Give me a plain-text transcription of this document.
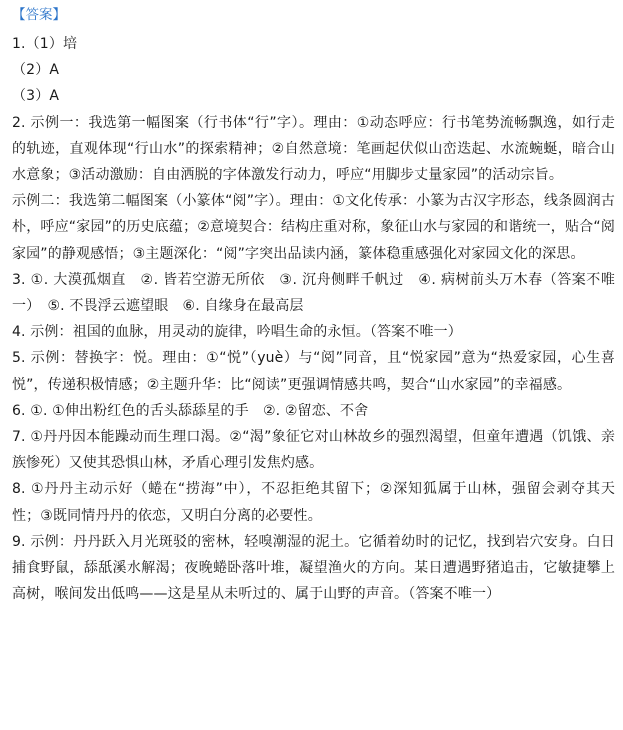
【答案】

1.（1）培

（2）A

（3）A

2. 示例一：我选第一幅图案（行书体“行”字）。理由：①动态呼应：行书笔势流畅飘逸，如行走的轨迹，直观体现“行山水”的探索精神；②自然意境：笔画起伏似山峦迭起、水流蜿蜒，暗合山水意象；③活动激励：自由洒脱的字体激发行动力，呼应“用脚步丈量家园”的活动宗旨。

示例二：我选第二幅图案（小篆体“阅”字）。理由：①文化传承：小篆为古汉字形态，线条圆润古朴，呼应“家园”的历史底蕴；②意境契合：结构庄重对称，象征山水与家园的和谐统一，贴合“阅家园”的静观感悟；③主题深化：“阅”字突出品读内涵，篆体稳重感强化对家园文化的深思。

3. ①. 大漠孤烟直　②. 皆若空游无所依　③. 沉舟侧畔千帆过　④. 病树前头万木春（答案不唯一）　⑤. 不畏浮云遮望眼　⑥. 自缘身在最高层

4. 示例：祖国的血脉，用灵动的旋律，吟唱生命的永恒。（答案不唯一）

5. 示例：替换字：悦。理由：①“悦”（yuè）与“阅”同音，且“悦家园”意为“热爱家园，心生喜悦”，传递积极情感；②主题升华：比“阅读”更强调情感共鸣，契合“山水家园”的幸福感。

6. ①. ①伸出粉红色的舌头舔舔星的手　②. ②留恋、不舍

7. ①丹丹因本能躁动而生理口渴。②“渴”象征它对山林故乡的强烈渴望，但童年遭遇（饥饿、亲族惨死）又使其恐惧山林，矛盾心理引发焦灼感。

8. ①丹丹主动示好（蜷在“捞海”中），不忍拒绝其留下；②深知狐属于山林，强留会剥夺其天性；③既同情丹丹的依恋，又明白分离的必要性。

9. 示例：丹丹跃入月光斑驳的密林，轻嗅潮湿的泥土。它循着幼时的记忆，找到岩穴安身。白日捕食野鼠，舔舐溪水解渴；夜晚蜷卧落叶堆，凝望渔火的方向。某日遭遇野猪追击，它敏捷攀上高树，喉间发出低鸣——这是星从未听过的、属于山野的声音。（答案不唯一）
